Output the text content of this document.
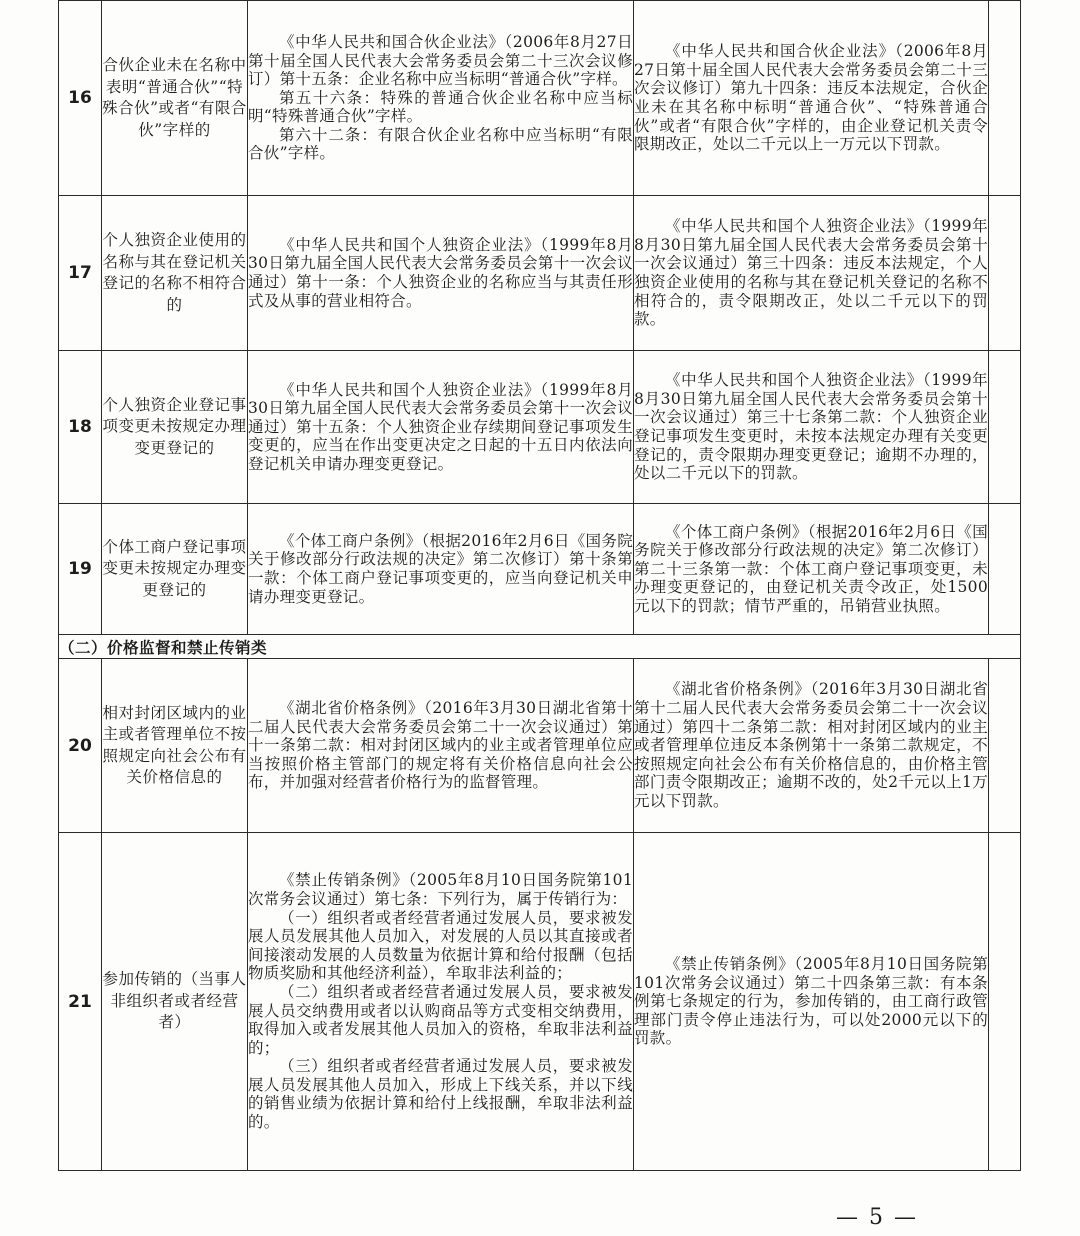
16	合伙企业未在名称中表明“普通合伙”“特殊合伙”或者“有限合伙”字样的	《中华人民共和国合伙企业法》（2006年8月27日第十届全国人民代表大会常务委员会第二十三次会议修订）第十五条：企业名称中应当标明“普通合伙”字样。

第五十六条：特殊的普通合伙企业名称中应当标明“特殊普通合伙”字样。

第六十二条：有限合伙企业名称中应当标明“有限合伙”字样。	《中华人民共和国合伙企业法》（2006年8月27日第十届全国人民代表大会常务委员会第二十三次会议修订）第九十四条：违反本法规定，合伙企业未在其名称中标明“普通合伙”、“特殊普通合伙”或者“有限合伙”字样的，由企业登记机关责令限期改正，处以二千元以上一万元以下罚款。	

17	个人独资企业使用的名称与其在登记机关登记的名称不相符合的	《中华人民共和国个人独资企业法》（1999年8月30日第九届全国人民代表大会常务委员会第十一次会议通过）第十一条：个人独资企业的名称应当与其责任形式及从事的营业相符合。	《中华人民共和国个人独资企业法》（1999年8月30日第九届全国人民代表大会常务委员会第十一次会议通过）第三十四条：违反本法规定，个人独资企业使用的名称与其在登记机关登记的名称不相符合的，责令限期改正，处以二千元以下的罚款。	

18	个人独资企业登记事项变更未按规定办理变更登记的	《中华人民共和国个人独资企业法》（1999年8月30日第九届全国人民代表大会常务委员会第十一次会议通过）第十五条：个人独资企业存续期间登记事项发生变更的，应当在作出变更决定之日起的十五日内依法向登记机关申请办理变更登记。	《中华人民共和国个人独资企业法》（1999年8月30日第九届全国人民代表大会常务委员会第十一次会议通过）第三十七条第二款：个人独资企业登记事项发生变更时，未按本法规定办理有关变更登记的，责令限期办理变更登记；逾期不办理的，处以二千元以下的罚款。	

19	个体工商户登记事项变更未按规定办理变更登记的	《个体工商户条例》（根据2016年2月6日《国务院关于修改部分行政法规的决定》第二次修订）第十条第一款：个体工商户登记事项变更的，应当向登记机关申请办理变更登记。	《个体工商户条例》（根据2016年2月6日《国务院关于修改部分行政法规的决定》第二次修订）第二十三条第一款：个体工商户登记事项变更，未办理变更登记的，由登记机关责令改正，处1500元以下的罚款；情节严重的，吊销营业执照。	

（二）价格监督和禁止传销类				
20	相对封闭区域内的业主或者管理单位不按照规定向社会公布有关价格信息的	《湖北省价格条例》（2016年3月30日湖北省第十二届人民代表大会常务委员会第二十一次会议通过）第十一条第二款：相对封闭区域内的业主或者管理单位应当按照价格主管部门的规定将有关价格信息向社会公布，并加强对经营者价格行为的监督管理。	《湖北省价格条例》（2016年3月30日湖北省第十二届人民代表大会常务委员会第二十一次会议通过）第四十二条第二款：相对封闭区域内的业主或者管理单位违反本条例第十一条第二款规定，不按照规定向社会公布有关价格信息的，由价格主管部门责令限期改正；逾期不改的，处2千元以上1万元以下罚款。	

21	参加传销的（当事人非组织者或者经营者）	《禁止传销条例》（2005年8月10日国务院第101次常务会议通过）第七条：下列行为，属于传销行为：

（一）组织者或者经营者通过发展人员，要求被发展人员发展其他人员加入，对发展的人员以其直接或者间接滚动发展的人员数量为依据计算和给付报酬（包括物质奖励和其他经济利益），牟取非法利益的；

（二）组织者或者经营者通过发展人员，要求被发展人员交纳费用或者以认购商品等方式变相交纳费用，取得加入或者发展其他人员加入的资格，牟取非法利益的；

（三）组织者或者经营者通过发展人员，要求被发展人员发展其他人员加入，形成上下线关系，并以下线的销售业绩为依据计算和给付上线报酬，牟取非法利益的。	《禁止传销条例》（2005年8月10日国务院第101次常务会议通过）第二十四条第三款：有本条例第七条规定的行为，参加传销的，由工商行政管理部门责令停止违法行为，可以处2000元以下的罚款。	

— 5 —
